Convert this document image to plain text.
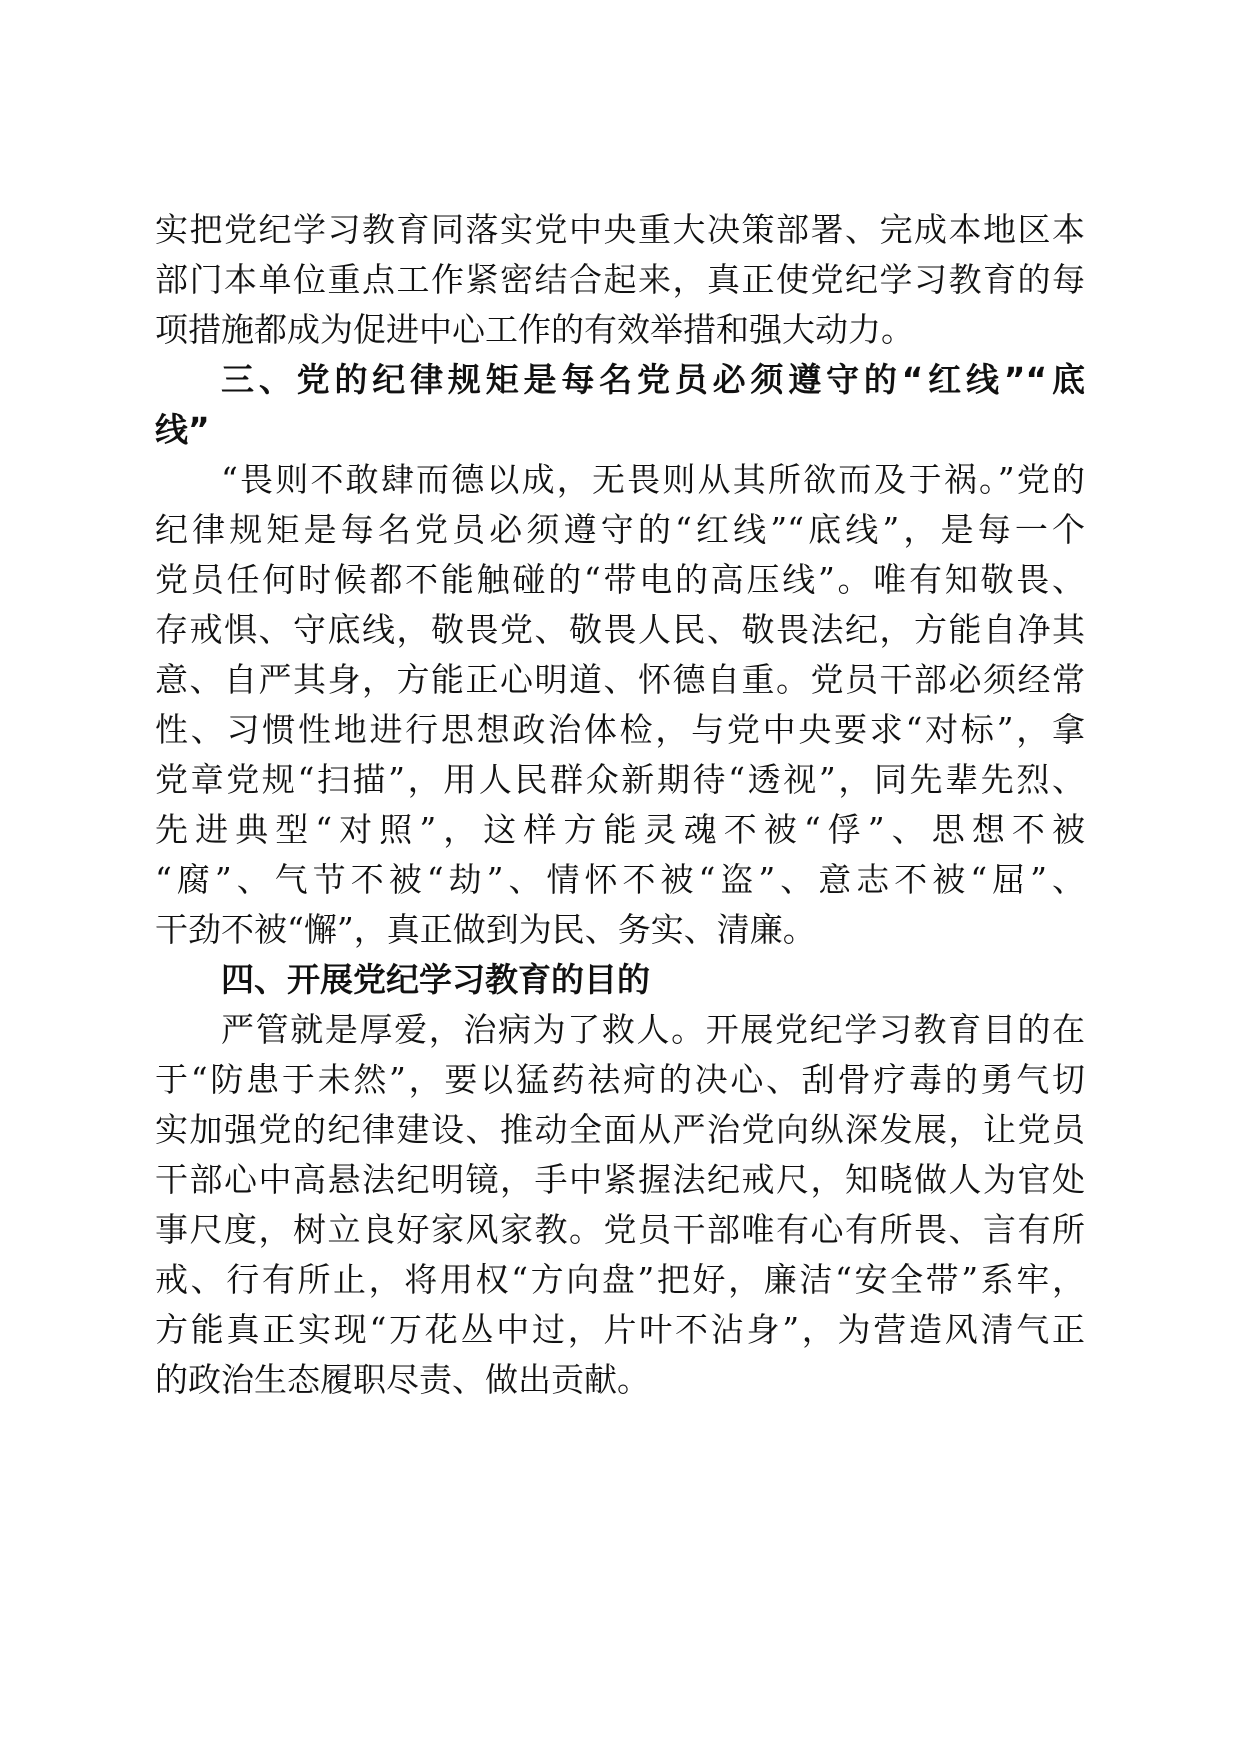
实把党纪学习教育同落实党中央重大决策部署、完成本地区本
部门本单位重点工作紧密结合起来，真正使党纪学习教育的每
项措施都成为促进中心工作的有效举措和强大动力。
三、党的纪律规矩是每名党员必须遵守的“红线”“底
线”
“畏则不敢肆而德以成，无畏则从其所欲而及于祸。”党的
纪律规矩是每名党员必须遵守的“红线”“底线”，是每一个
党员任何时候都不能触碰的“带电的高压线”。唯有知敬畏、
存戒惧、守底线，敬畏党、敬畏人民、敬畏法纪，方能自净其
意、自严其身，方能正心明道、怀德自重。党员干部必须经常
性、习惯性地进行思想政治体检，与党中央要求“对标”，拿
党章党规“扫描”，用人民群众新期待“透视”，同先辈先烈、
先进典型“对照”，这样方能灵魂不被“俘”、思想不被
“腐”、气节不被“劫”、情怀不被“盗”、意志不被“屈”、
干劲不被“懈”，真正做到为民、务实、清廉。
四、开展党纪学习教育的目的
严管就是厚爱，治病为了救人。开展党纪学习教育目的在
于“防患于未然”，要以猛药祛疴的决心、刮骨疗毒的勇气切
实加强党的纪律建设、推动全面从严治党向纵深发展，让党员
干部心中高悬法纪明镜，手中紧握法纪戒尺，知晓做人为官处
事尺度，树立良好家风家教。党员干部唯有心有所畏、言有所
戒、行有所止，将用权“方向盘”把好，廉洁“安全带”系牢，
方能真正实现“万花丛中过，片叶不沾身”，为营造风清气正
的政治生态履职尽责、做出贡献。
